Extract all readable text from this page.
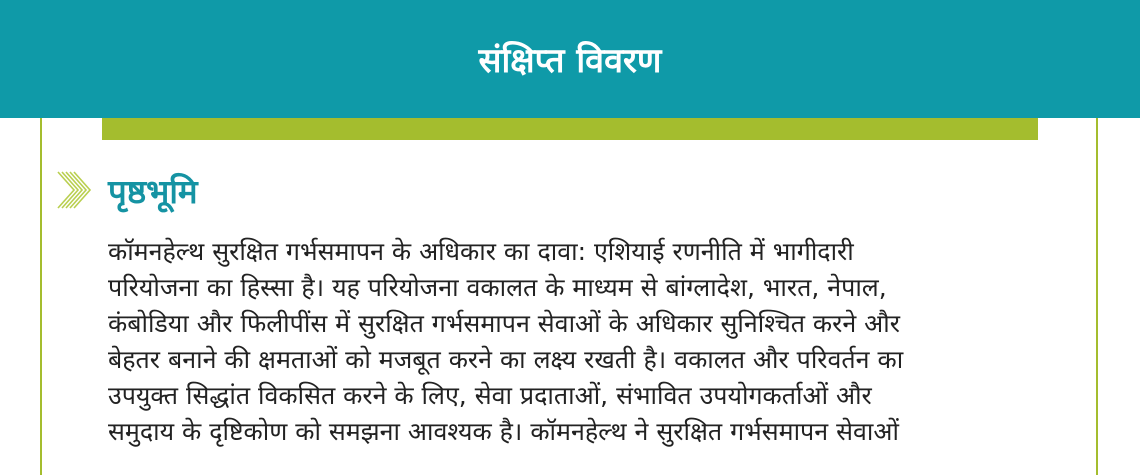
संक्षिप्त विवरण
पृष्ठभूमि
कॉमनहेल्थ सुरक्षित गर्भसमापन के अधिकार का दावा: एशियाई रणनीति में भागीदारी
परियोजना का हिस्सा है। यह परियोजना वकालत के माध्यम से बांग्लादेश, भारत, नेपाल,
कंबोडिया और फिलीपींस में सुरक्षित गर्भसमापन सेवाओं के अधिकार सुनिश्चित करने और
बेहतर बनाने की क्षमताओं को मजबूत करने का लक्ष्य रखती है। वकालत और परिवर्तन का
उपयुक्त सिद्धांत विकसित करने के लिए, सेवा प्रदाताओं, संभावित उपयोगकर्ताओं और
समुदाय के दृष्टिकोण को समझना आवश्यक है। कॉमनहेल्थ ने सुरक्षित गर्भसमापन सेवाओं
